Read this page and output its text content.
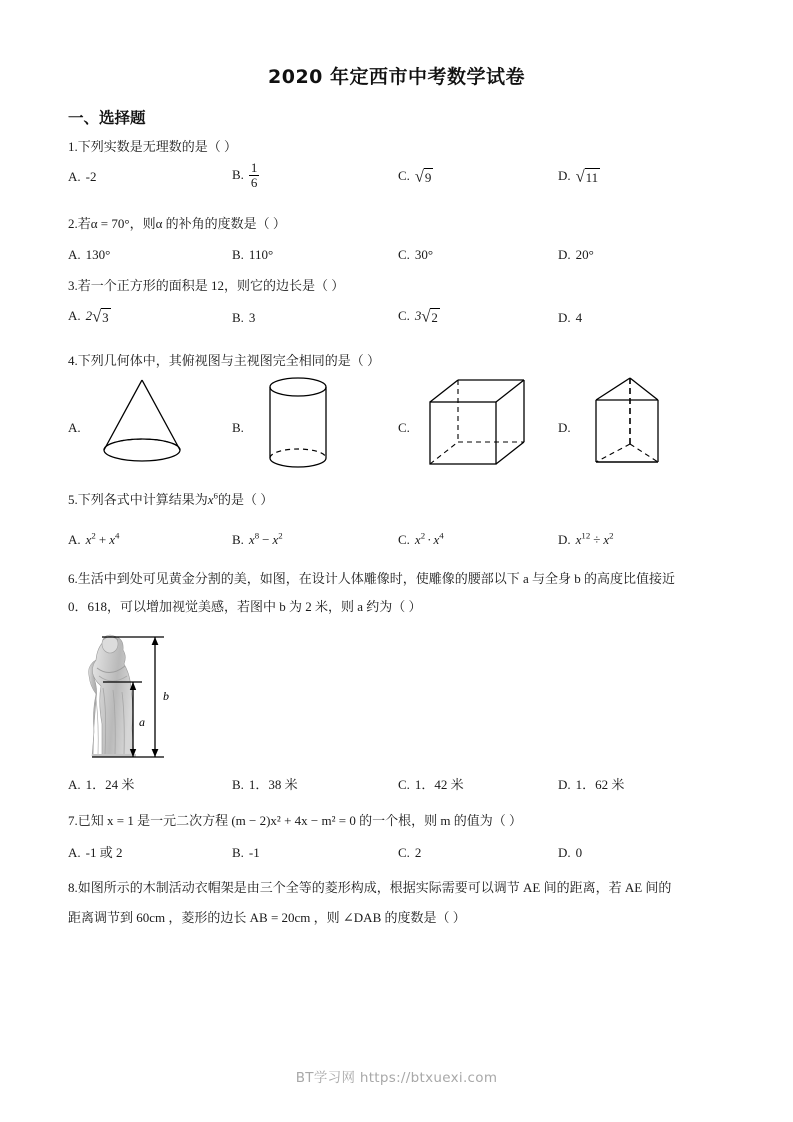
2020 年定西市中考数学试卷
一、选择题
1.下列实数是无理数的是（ ）
A. -2	B. $\frac{1}{6}$	C. √ 9	D. √ 11
2.若α = 70°，则α 的补角的度数是（ ）
A. 130°	B. 110°	C. 30°	D. 20°
3.若一个正方形的面积是 12，则它的边长是（ ）
A. 2 √ 3	B. 3	C. 3 √ 2	D. 4
4.下列几何体中，其俯视图与主视图完全相同的是（ ）
A.	B.	C.	D.
5.下列各式中计算结果为$x^6$的是（ ）
A. $x^2 + x^4$	B. $x^8 - x^2$	C. $x^2 \cdot x^4$	D. $x^{12} \div x^2$
6.生活中到处可见黄金分割的美，如图，在设计人体雕像时，使雕像的腰部以下 a 与全身 b 的高度比值接近
0．618，可以增加视觉美感，若图中 b 为 2 米，则 a 约为（ ）
b
a
A. 1．24 米	B. 1．38 米	C. 1．42 米	D. 1．62 米
7.已知 x = 1 是一元二次方程 (m − 2)x² + 4x − m² = 0 的一个根，则 m 的值为（ ）
A. -1 或 2	B. -1	C. 2	D. 0
8.如图所示的木制活动衣帽架是由三个全等的菱形构成，根据实际需要可以调节 AE 间的距离，若 AE 间的
距离调节到 60cm ，菱形的边长 AB = 20cm ，则 ∠DAB 的度数是（ ）
BT学习网 https://btxuexi.com
